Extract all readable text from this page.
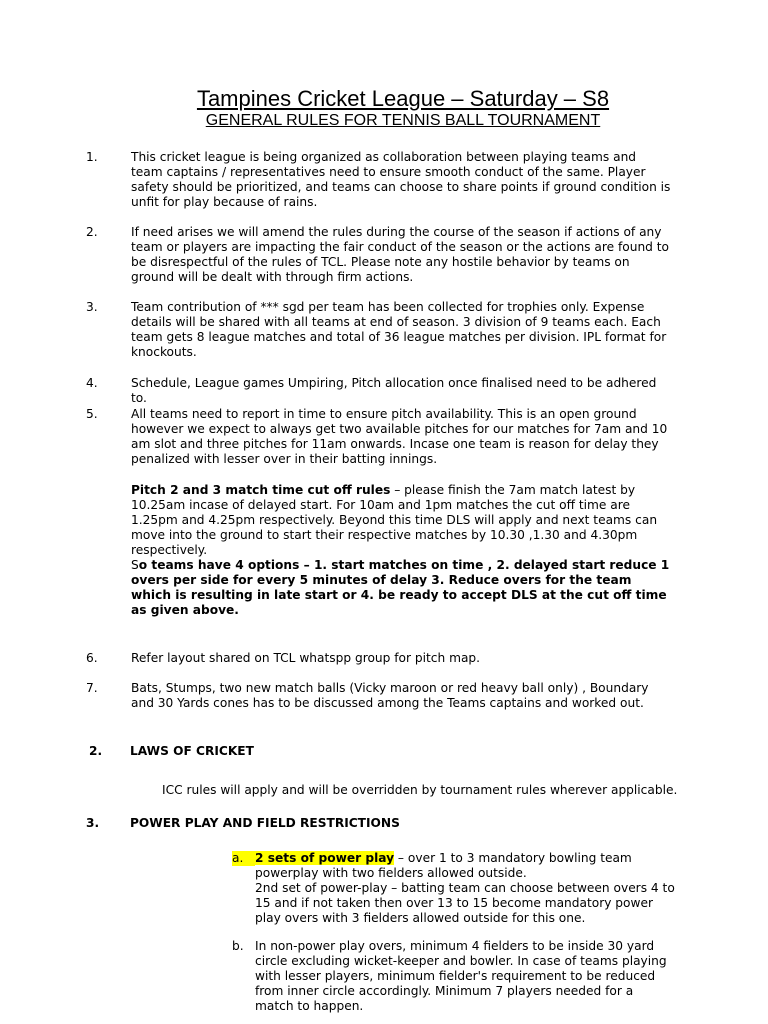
Tampines Cricket League – Saturday – S8
GENERAL RULES FOR TENNIS BALL TOURNAMENT
1.	This cricket league is being organized as collaboration between playing teams and team captains / representatives need to ensure smooth conduct of the same. Player safety should be prioritized, and teams can choose to share points if ground condition is unfit for play because of rains.
2.	If need arises we will amend the rules during the course of the season if actions of any team or players are impacting the fair conduct of the season or the actions are found to be disrespectful of the rules of TCL. Please note any hostile behavior by teams on ground will be dealt with through firm actions.
3.	Team contribution of *** sgd per team has been collected for trophies only. Expense details will be shared with all teams at end of season. 3 division of 9 teams each. Each team gets 8 league matches and total of 36 league matches per division. IPL format for knockouts.
4.	Schedule, League games Umpiring, Pitch allocation once finalised need to be adhered to.
5.	All teams need to report in time to ensure pitch availability. This is an open ground however we expect to always get two available pitches for our matches for 7am and 10 am slot and three pitches for 11am onwards. Incase one team is reason for delay they penalized with lesser over in their batting innings.
Pitch 2 and 3 match time cut off rules – please finish the 7am match latest by 10.25am incase of delayed start. For 10am and 1pm matches the cut off time are 1.25pm and 4.25pm respectively. Beyond this time DLS will apply and next teams can move into the ground to start their respective matches by 10.30 ,1.30 and 4.30pm respectively.
So teams have 4 options – 1. start matches on time , 2. delayed start reduce 1 overs per side for every 5 minutes of delay 3. Reduce overs for the team which is resulting in late start or 4. be ready to accept DLS at the cut off time as given above.
6.	Refer layout shared on TCL whatspp group for pitch map.
7.	Bats, Stumps, two new match balls (Vicky maroon or red heavy ball only) , Boundary and 30 Yards cones has to be discussed among the Teams captains and worked out.
2. LAWS OF CRICKET
ICC rules will apply and will be overridden by tournament rules wherever applicable.
3.	POWER PLAY AND FIELD RESTRICTIONS
a. 2 sets of power play – over 1 to 3 mandatory bowling team powerplay with two fielders allowed outside.
2nd set of power-play – batting team can choose between overs 4 to 15 and if not taken then over 13 to 15 become mandatory power play overs with 3 fielders allowed outside for this one.
b. In non-power play overs, minimum 4 fielders to be inside 30 yard circle excluding wicket-keeper and bowler. In case of teams playing with lesser players, minimum fielder's requirement to be reduced from inner circle accordingly. Minimum 7 players needed for a match to happen.
